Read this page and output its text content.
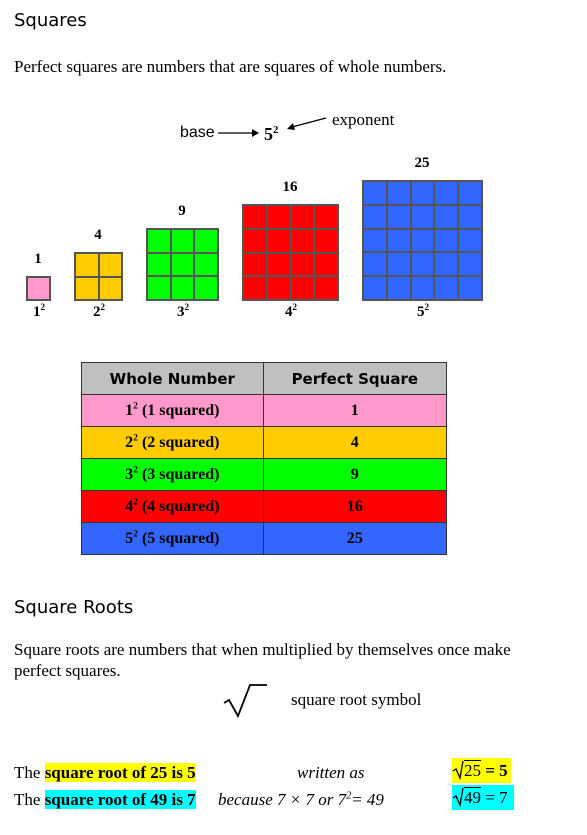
Squares
Perfect squares are numbers that are squares of whole numbers.
base	$5^2$
exponent
1
4
9
16
25
$1^2$	$2^2$	$3^2$	$4^2$	$5^2$
Whole Number	Perfect Square
$1^2$ (1 squared)	1
$2^2$ (2 squared)	4
$3^2$ (3 squared)	9
$4^2$ (4 squared)	16
$5^2$ (5 squared)	25
Square Roots
Square roots are numbers that when multiplied by themselves once make
perfect squares.
square root symbol
The square root of 25 is 5	written as	25 = 5
The square root of 49 is 7 because 7 × 7 or $7^2= 49$	49 = 7
